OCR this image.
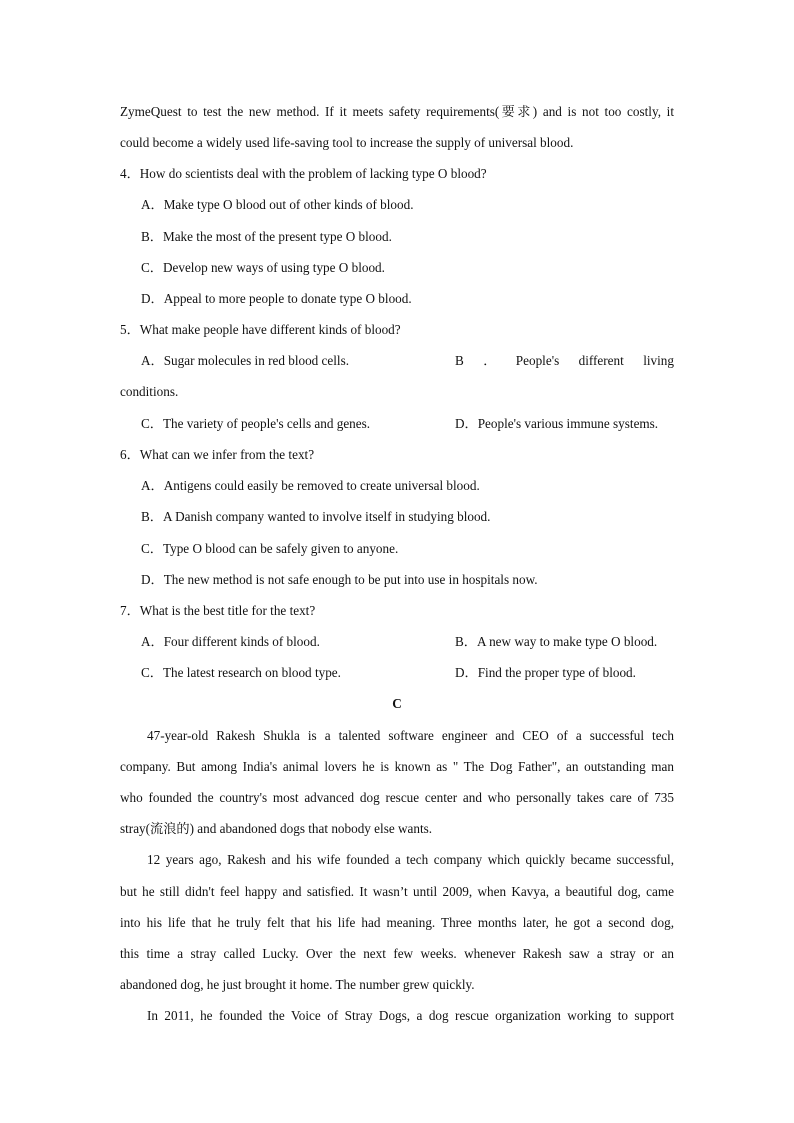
ZymeQuest to test the new method. If it meets safety requirements(要求) and is not too costly, it
could become a widely used life-saving tool to increase the supply of universal blood.
4．How do scientists deal with the problem of lacking type O blood?
A．Make type O blood out of other kinds of blood.
B．Make the most of the present type O blood.
C．Develop new ways of using type O blood.
D．Appeal to more people to donate type O blood.
5．What make people have different kinds of blood?
A．Sugar molecules in red blood cells.	B ． People's different living
conditions.
C．The variety of people's cells and genes.	D．People's various immune systems.
6．What can we infer from the text?
A．Antigens could easily be removed to create universal blood.
B．A Danish company wanted to involve itself in studying blood.
C．Type O blood can be safely given to anyone.
D．The new method is not safe enough to be put into use in hospitals now.
7．What is the best title for the text?
A．Four different kinds of blood.	B．A new way to make type O blood.
C．The latest research on blood type.	D．Find the proper type of blood.
C
47-year-old Rakesh Shukla is a talented software engineer and CEO of a successful tech
company. But among India's animal lovers he is known as " The Dog Father", an outstanding man
who founded the country's most advanced dog rescue center and who personally takes care of 735
stray(流浪的) and abandoned dogs that nobody else wants.
12 years ago, Rakesh and his wife founded a tech company which quickly became successful,
but he still didn't feel happy and satisfied. It wasn’t until 2009, when Kavya, a beautiful dog, came
into his life that he truly felt that his life had meaning. Three months later, he got a second dog,
this time a stray called Lucky. Over the next few weeks. whenever Rakesh saw a stray or an
abandoned dog, he just brought it home. The number grew quickly.
In 2011, he founded the Voice of Stray Dogs, a dog rescue organization working to support
